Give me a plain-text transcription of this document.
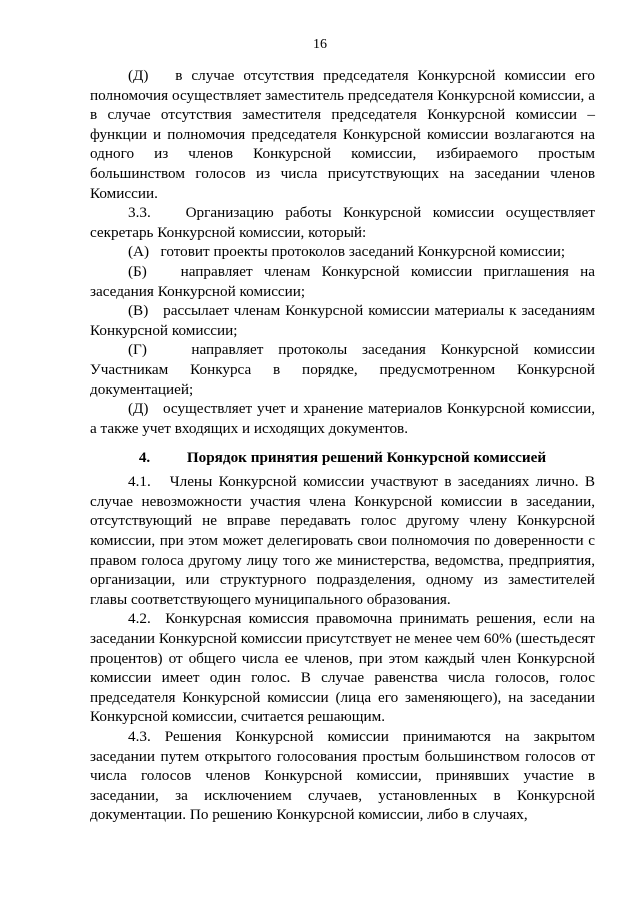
16

(Д)   в случае отсутствия председателя Конкурсной комиссии его полномочия осуществляет заместитель председателя Конкурсной комиссии, а в случае отсутствия заместителя председателя Конкурсной комиссии – функции и полномочия председателя Конкурсной комиссии возлагаются на одного из членов Конкурсной комиссии, избираемого простым большинством голосов из числа присутствующих на заседании членов Комиссии.

3.3.   Организацию работы Конкурсной комиссии осуществляет секретарь Конкурсной комиссии, который:

(А)   готовит проекты протоколов заседаний Конкурсной комиссии;

(Б)   направляет членам Конкурсной комиссии приглашения на заседания Конкурсной комиссии;

(В)   рассылает членам Конкурсной комиссии материалы к заседаниям Конкурсной комиссии;

(Г)   направляет протоколы заседания Конкурсной комиссии Участникам Конкурса в порядке, предусмотренном Конкурсной документацией;

(Д)   осуществляет учет и хранение материалов Конкурсной комиссии, а также учет входящих и исходящих документов.

4. Порядок принятия решений Конкурсной комиссией

4.1.   Члены Конкурсной комиссии участвуют в заседаниях лично. В случае невозможности участия члена Конкурсной комиссии в заседании, отсутствующий не вправе передавать голос другому члену Конкурсной комиссии, при этом может делегировать свои полномочия по доверенности с правом голоса другому лицу того же министерства, ведомства, предприятия, организации, или структурного подразделения, одному из заместителей главы соответствующего муниципального образования.

4.2.  Конкурсная комиссия правомочна принимать решения, если на заседании Конкурсной комиссии присутствует не менее чем 60% (шестьдесят процентов) от общего числа ее членов, при этом каждый член Конкурсной комиссии имеет один голос. В случае равенства числа голосов, голос председателя Конкурсной комиссии (лица его заменяющего), на заседании Конкурсной комиссии, считается решающим.

4.3. Решения Конкурсной комиссии принимаются на закрытом заседании путем открытого голосования простым большинством голосов от числа голосов членов Конкурсной комиссии, принявших участие в заседании, за исключением случаев, установленных в Конкурсной документации. По решению Конкурсной комиссии, либо в случаях,
